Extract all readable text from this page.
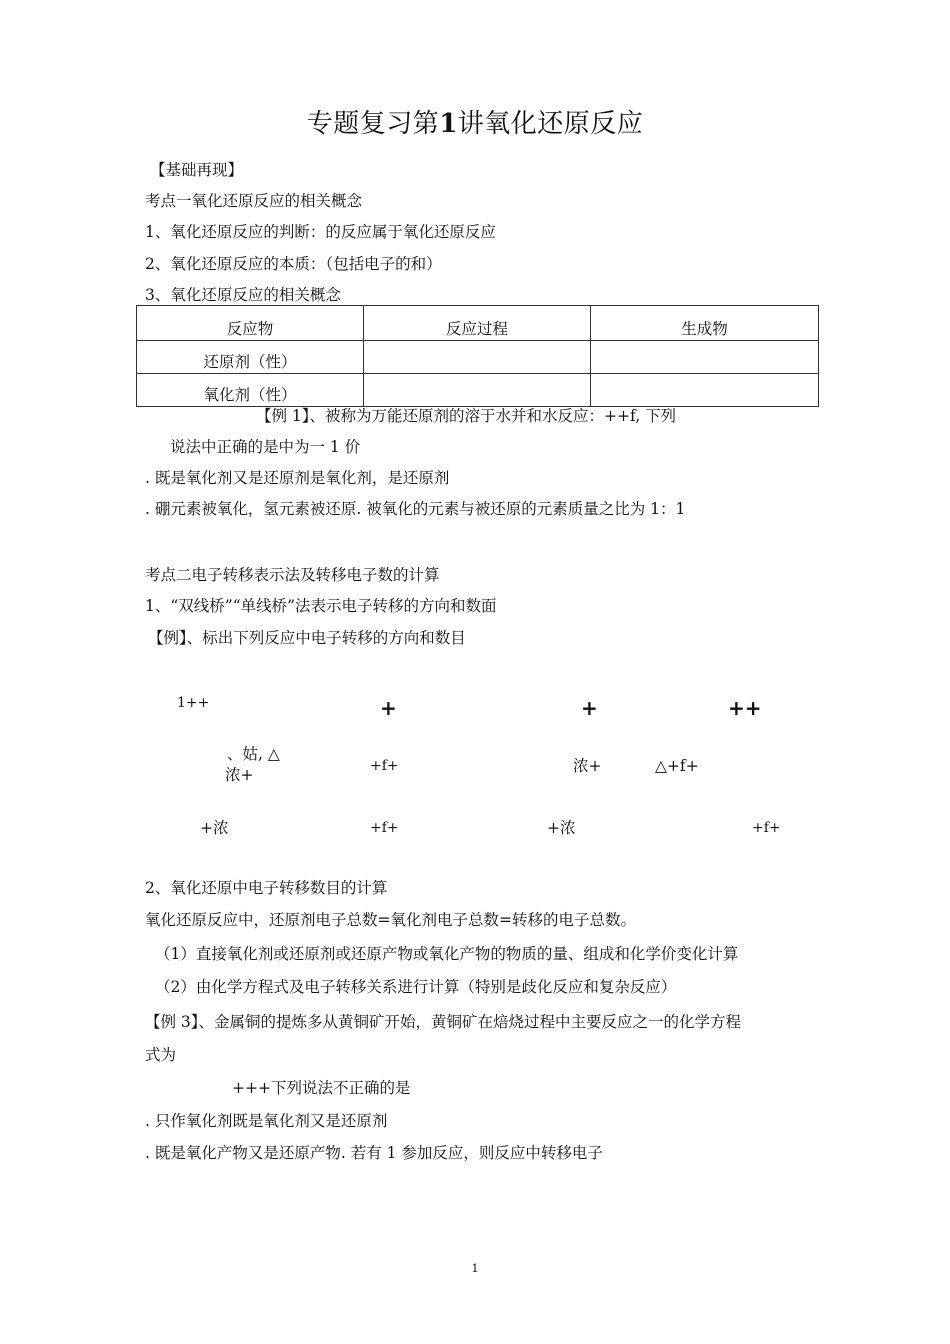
专题复习第1讲氧化还原反应
【基础再现】
考点一氧化还原反应的相关概念
1、氧化还原反应的判断：的反应属于氧化还原反应
2、氧化还原反应的本质：（包括电子的和）
3、氧化还原反应的相关概念
反应物	反应过程	生成物
还原剂（性）		
氧化剂（性）		
【例 1】、被称为万能还原剂的溶于水并和水反应：++f, 下列
说法中正确的是中为一 1 价
. 既是氧化剂又是还原剂是氧化剂，是还原剂
. 硼元素被氧化，氢元素被还原. 被氧化的元素与被还原的元素质量之比为 1：1
考点二电子转移表示法及转移电子数的计算
1、“双线桥”“单线桥”法表示电子转移的方向和数面
【例】、标出下列反应中电子转移的方向和数目
1++	+	+	++
、姑, △
浓+	+f+	浓+	△+f+
+浓	+f+	+浓	+f+
2、氧化还原中电子转移数目的计算
氧化还原反应中，还原剂电子总数=氧化剂电子总数=转移的电子总数。
（1）直接氧化剂或还原剂或还原产物或氧化产物的物质的量、组成和化学价变化计算
（2）由化学方程式及电子转移关系进行计算（特别是歧化反应和复杂反应）
【例 3】、金属铜的提炼多从黄铜矿开始，黄铜矿在焙烧过程中主要反应之一的化学方程
式为
+++下列说法不正确的是
. 只作氧化剂既是氧化剂又是还原剂
. 既是氧化产物又是还原产物. 若有 1 参加反应，则反应中转移电子
1
